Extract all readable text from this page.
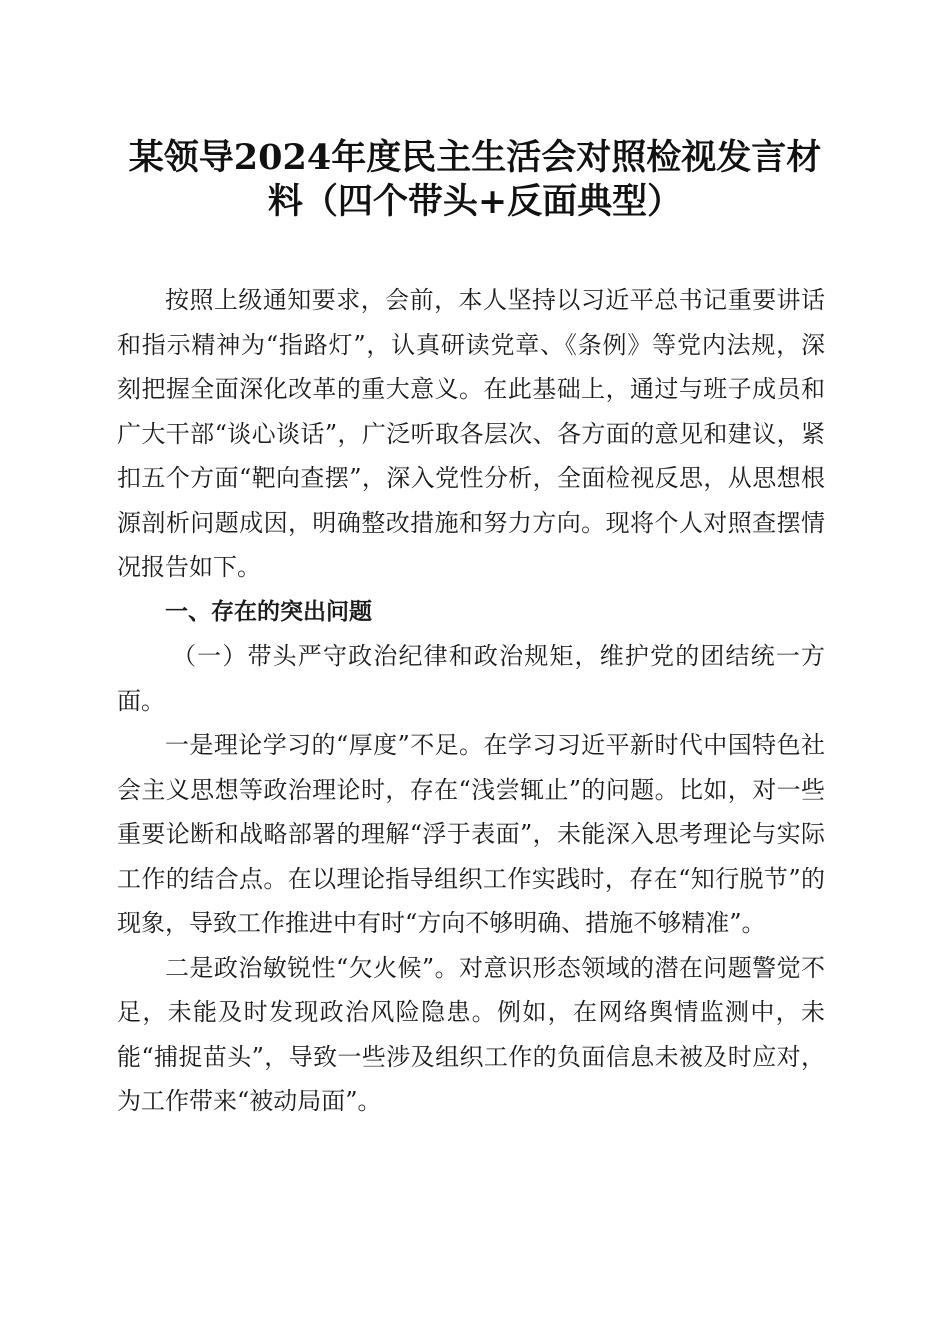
某领导2024年度民主生活会对照检视发言材料（四个带头+反面典型）

按照上级通知要求，会前，本人坚持以习近平总书记重要讲话和指示精神为“指路灯”，认真研读党章、《条例》等党内法规，深刻把握全面深化改革的重大意义。在此基础上，通过与班子成员和广大干部“谈心谈话”，广泛听取各层次、各方面的意见和建议，紧扣五个方面“靶向查摆”，深入党性分析，全面检视反思，从思想根源剖析问题成因，明确整改措施和努力方向。现将个人对照查摆情况报告如下。

一、存在的突出问题

（一）带头严守政治纪律和政治规矩，维护党的团结统一方面。

一是理论学习的“厚度”不足。在学习习近平新时代中国特色社会主义思想等政治理论时，存在“浅尝辄止”的问题。比如，对一些重要论断和战略部署的理解“浮于表面”，未能深入思考理论与实际工作的结合点。在以理论指导组织工作实践时，存在“知行脱节”的现象，导致工作推进中有时“方向不够明确、措施不够精准”。

二是政治敏锐性“欠火候”。对意识形态领域的潜在问题警觉不足，未能及时发现政治风险隐患。例如，在网络舆情监测中，未能“捕捉苗头”，导致一些涉及组织工作的负面信息未被及时应对，为工作带来“被动局面”。
